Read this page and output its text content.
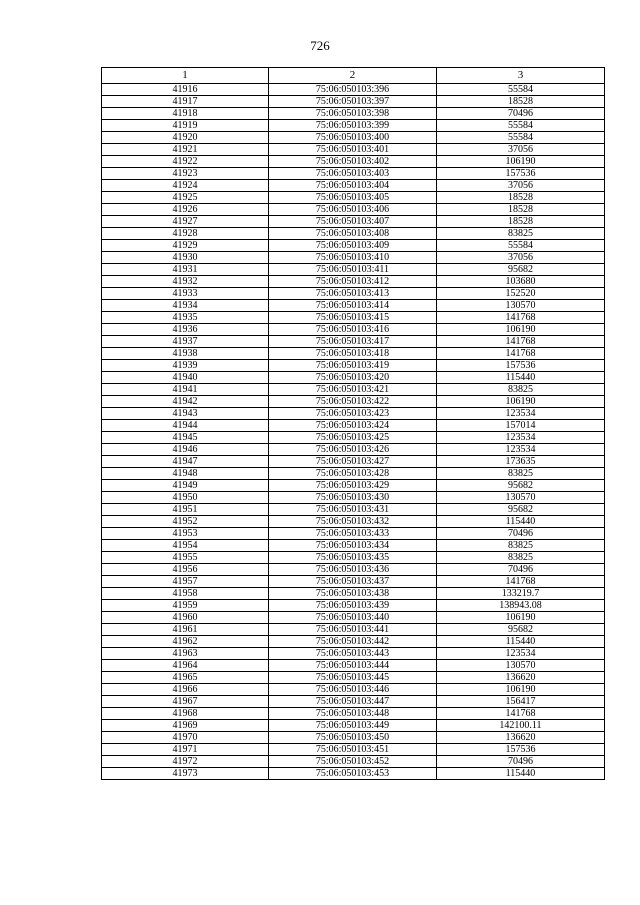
726
1	2	3
41916	75:06:050103:396	55584
41917	75:06:050103:397	18528
41918	75:06:050103:398	70496
41919	75:06:050103:399	55584
41920	75:06:050103:400	55584
41921	75:06:050103:401	37056
41922	75:06:050103:402	106190
41923	75:06:050103:403	157536
41924	75:06:050103:404	37056
41925	75:06:050103:405	18528
41926	75:06:050103:406	18528
41927	75:06:050103:407	18528
41928	75:06:050103:408	83825
41929	75:06:050103:409	55584
41930	75:06:050103:410	37056
41931	75:06:050103:411	95682
41932	75:06:050103:412	103680
41933	75:06:050103:413	152520
41934	75:06:050103:414	130570
41935	75:06:050103:415	141768
41936	75:06:050103:416	106190
41937	75:06:050103:417	141768
41938	75:06:050103:418	141768
41939	75:06:050103:419	157536
41940	75:06:050103:420	115440
41941	75:06:050103:421	83825
41942	75:06:050103:422	106190
41943	75:06:050103:423	123534
41944	75:06:050103:424	157014
41945	75:06:050103:425	123534
41946	75:06:050103:426	123534
41947	75:06:050103:427	173635
41948	75:06:050103:428	83825
41949	75:06:050103:429	95682
41950	75:06:050103:430	130570
41951	75:06:050103:431	95682
41952	75:06:050103:432	115440
41953	75:06:050103:433	70496
41954	75:06:050103:434	83825
41955	75:06:050103:435	83825
41956	75:06:050103:436	70496
41957	75:06:050103:437	141768
41958	75:06:050103:438	133219.7
41959	75:06:050103:439	138943.08
41960	75:06:050103:440	106190
41961	75:06:050103:441	95682
41962	75:06:050103:442	115440
41963	75:06:050103:443	123534
41964	75:06:050103:444	130570
41965	75:06:050103:445	136620
41966	75:06:050103:446	106190
41967	75:06:050103:447	156417
41968	75:06:050103:448	141768
41969	75:06:050103:449	142100.11
41970	75:06:050103:450	136620
41971	75:06:050103:451	157536
41972	75:06:050103:452	70496
41973	75:06:050103:453	115440
